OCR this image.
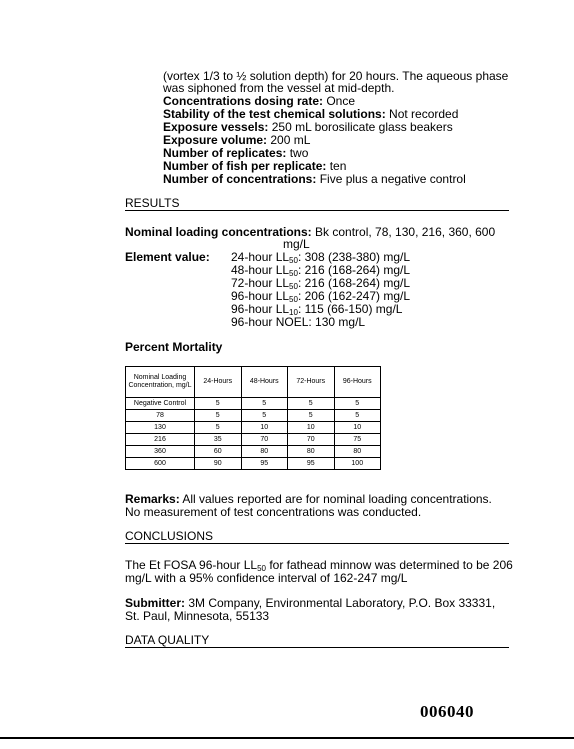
(vortex 1/3 to ½ solution depth) for 20 hours. The aqueous phase
was siphoned from the vessel at mid-depth.
Concentrations dosing rate: Once
Stability of the test chemical solutions: Not recorded
Exposure vessels: 250 mL borosilicate glass beakers
Exposure volume: 200 mL
Number of replicates: two
Number of fish per replicate: ten
Number of concentrations: Five plus a negative control
RESULTS
Nominal loading concentrations: Bk control, 78, 130, 216, 360, 600
mg/L
Element value: 24-hour $LL_{50}$: 308 (238-380) mg/L
48-hour $LL_{50}$: 216 (168-264) mg/L
72-hour $LL_{50}$: 216 (168-264) mg/L
96-hour $LL_{50}$: 206 (162-247) mg/L
96-hour $LL_{10}$: 115 (66-150) mg/L
96-hour NOEL: 130 mg/L
Percent Mortality
Nominal Loading Concentration, mg/L	24-Hours	48-Hours	72-Hours	96-Hours
Negative Control	5	5	5	5
78	5	5	5	5
130	5	10	10	10
216	35	70	70	75
360	60	80	80	80
600	90	95	95	100
Remarks: All values reported are for nominal loading concentrations.
No measurement of test concentrations was conducted.
CONCLUSIONS
The Et FOSA 96-hour $LL_{50}$ for fathead minnow was determined to be 206
mg/L with a 95% confidence interval of 162-247 mg/L
Submitter: 3M Company, Environmental Laboratory, P.O. Box 33331,
St. Paul, Minnesota, 55133
DATA QUALITY
006040
